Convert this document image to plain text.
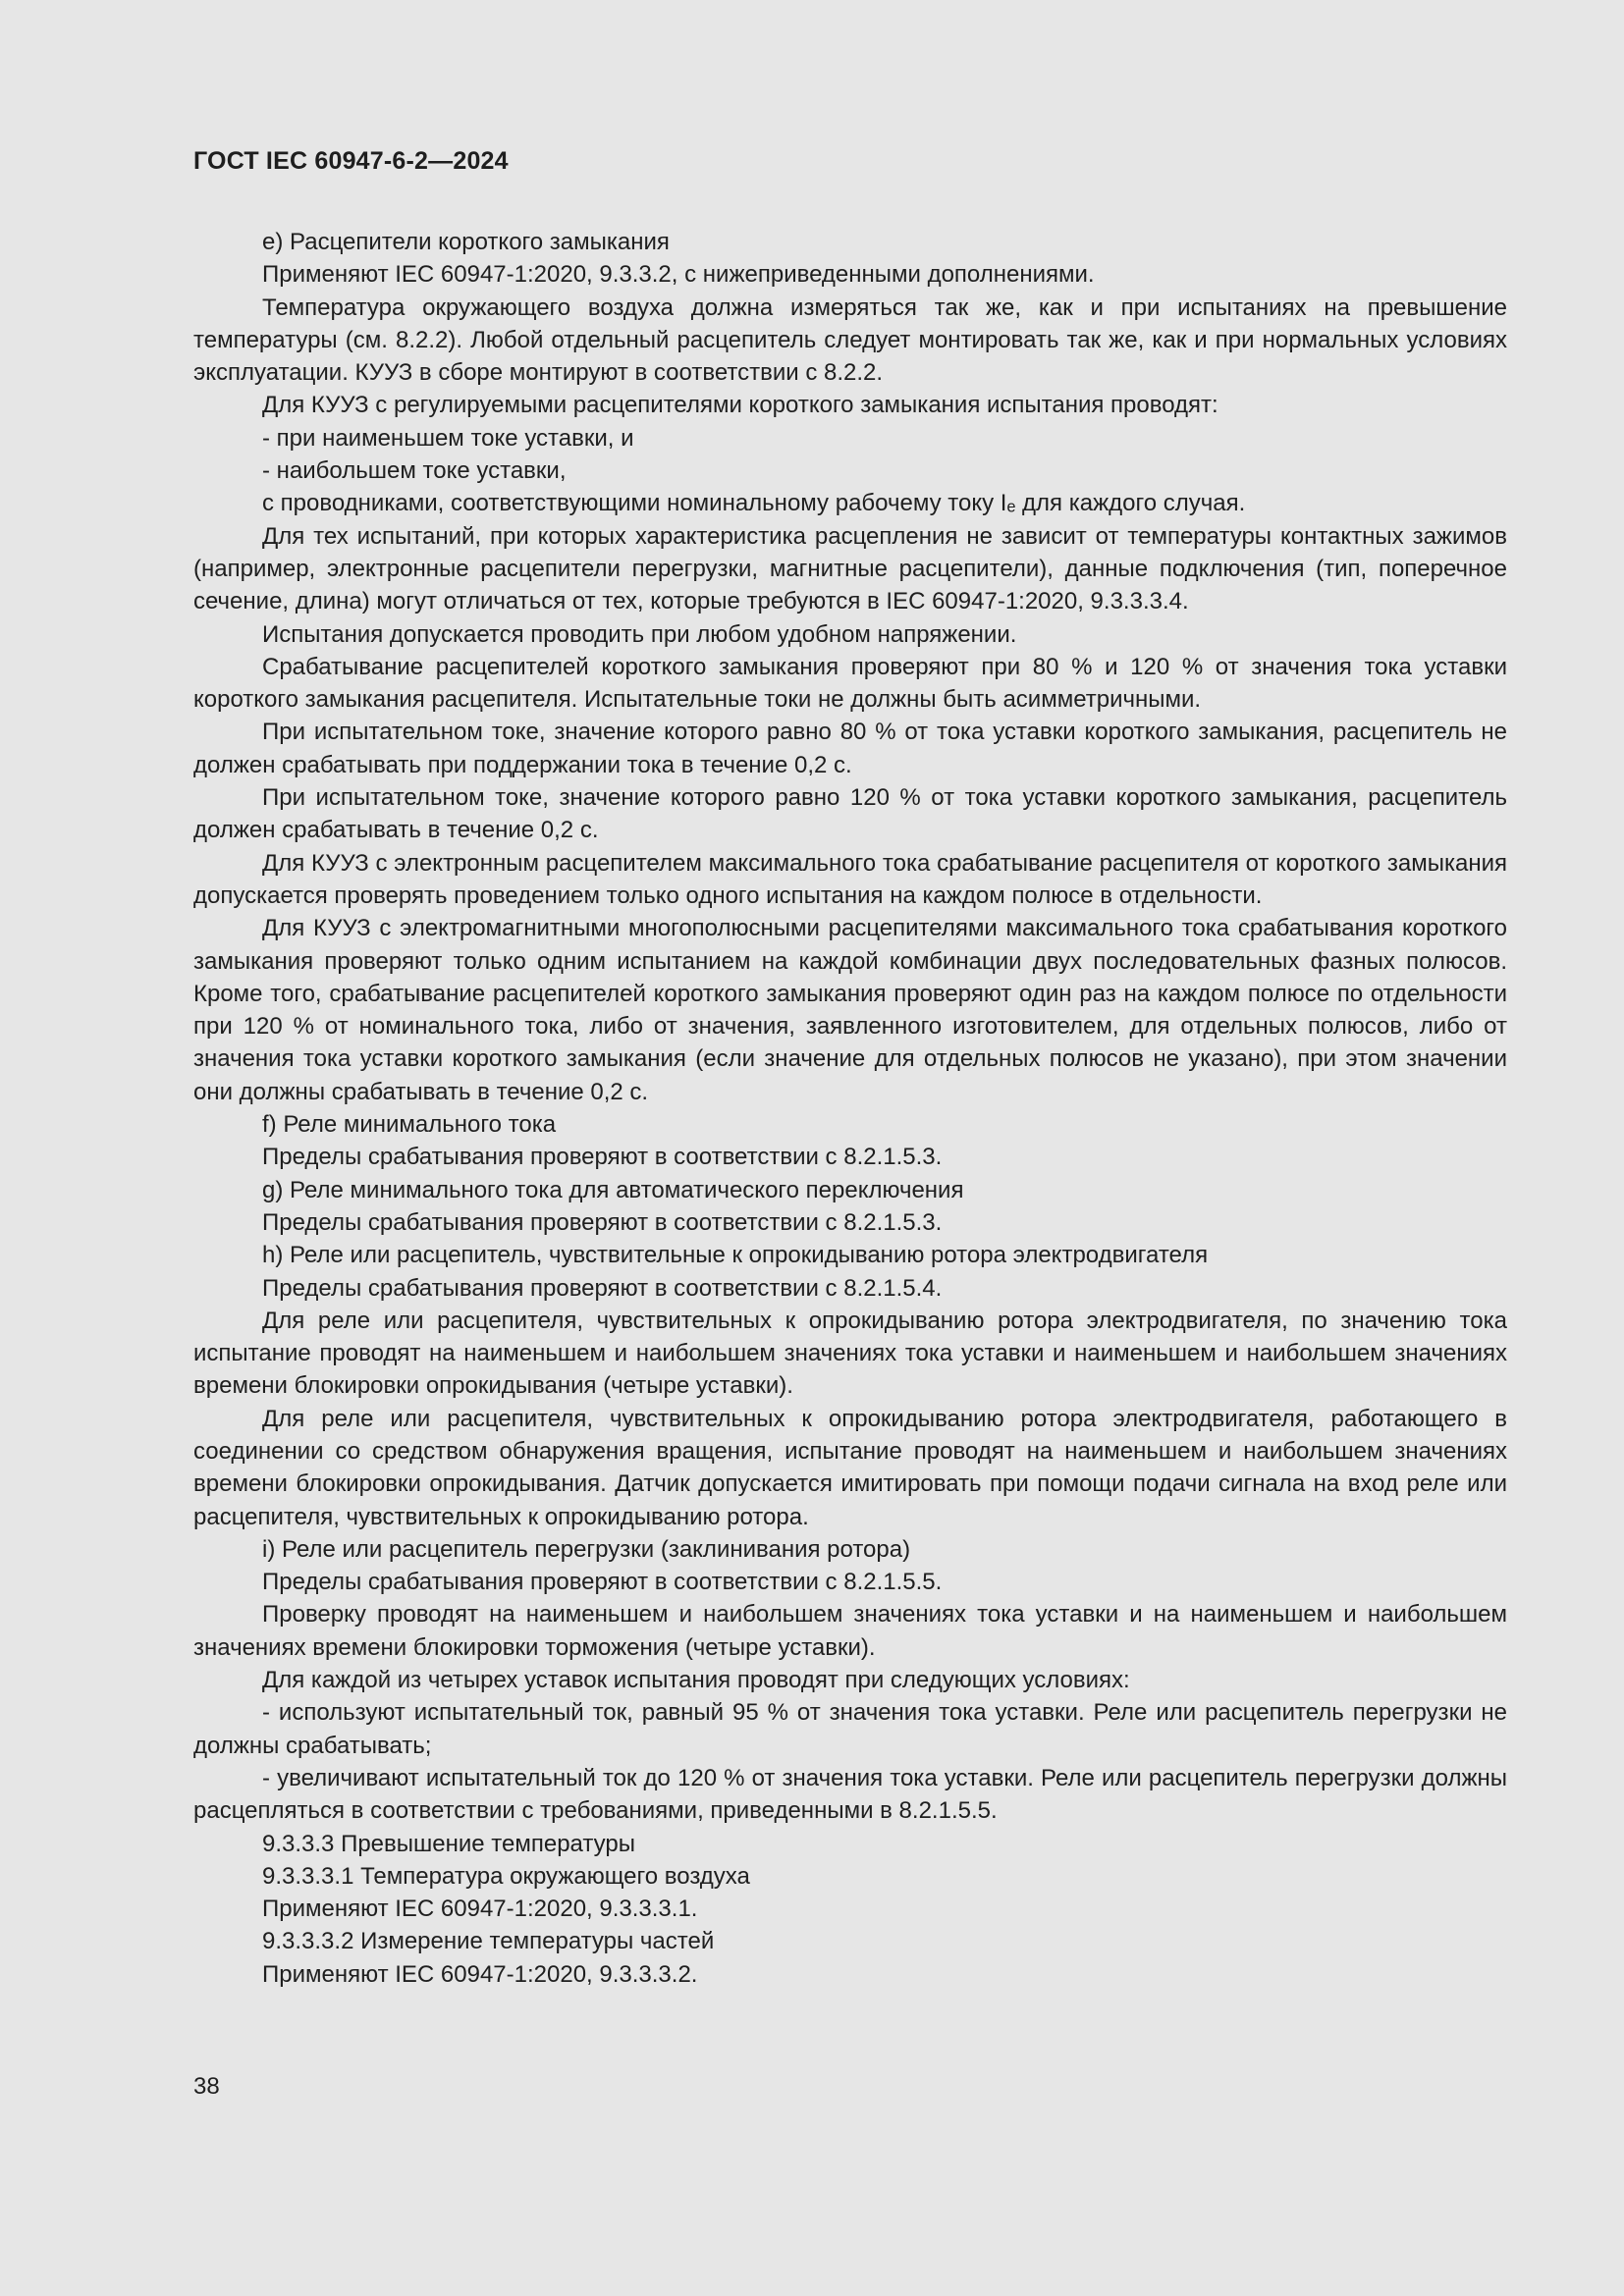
ГОСТ IEC 60947-6-2—2024

e) Расцепители короткого замыкания

Применяют IEC 60947-1:2020, 9.3.3.2, с нижеприведенными дополнениями.

Температура окружающего воздуха должна измеряться так же, как и при испытаниях на превышение температуры (см. 8.2.2). Любой отдельный расцепитель следует монтировать так же, как и при нормальных условиях эксплуатации. КУУЗ в сборе монтируют в соответствии с 8.2.2.

Для КУУЗ с регулируемыми расцепителями короткого замыкания испытания проводят:

- при наименьшем токе уставки, и

- наибольшем токе уставки,

с проводниками, соответствующими номинальному рабочему току Iₑ для каждого случая.

Для тех испытаний, при которых характеристика расцепления не зависит от температуры контактных зажимов (например, электронные расцепители перегрузки, магнитные расцепители), данные подключения (тип, поперечное сечение, длина) могут отличаться от тех, которые требуются в IEC 60947-1:2020, 9.3.3.3.4.

Испытания допускается проводить при любом удобном напряжении.

Срабатывание расцепителей короткого замыкания проверяют при 80 % и 120 % от значения тока уставки короткого замыкания расцепителя. Испытательные токи не должны быть асимметричными.

При испытательном токе, значение которого равно 80 % от тока уставки короткого замыкания, расцепитель не должен срабатывать при поддержании тока в течение 0,2 с.

При испытательном токе, значение которого равно 120 % от тока уставки короткого замыкания, расцепитель должен срабатывать в течение 0,2 с.

Для КУУЗ с электронным расцепителем максимального тока срабатывание расцепителя от короткого замыкания допускается проверять проведением только одного испытания на каждом полюсе в отдельности.

Для КУУЗ с электромагнитными многополюсными расцепителями максимального тока срабатывания короткого замыкания проверяют только одним испытанием на каждой комбинации двух последовательных фазных полюсов. Кроме того, срабатывание расцепителей короткого замыкания проверяют один раз на каждом полюсе по отдельности при 120 % от номинального тока, либо от значения, заявленного изготовителем, для отдельных полюсов, либо от значения тока уставки короткого замыкания (если значение для отдельных полюсов не указано), при этом значении они должны срабатывать в течение 0,2 с.

f) Реле минимального тока

Пределы срабатывания проверяют в соответствии с 8.2.1.5.3.

g) Реле минимального тока для автоматического переключения

Пределы срабатывания проверяют в соответствии с 8.2.1.5.3.

h) Реле или расцепитель, чувствительные к опрокидыванию ротора электродвигателя

Пределы срабатывания проверяют в соответствии с 8.2.1.5.4.

Для реле или расцепителя, чувствительных к опрокидыванию ротора электродвигателя, по значению тока испытание проводят на наименьшем и наибольшем значениях тока уставки и наименьшем и наибольшем значениях времени блокировки опрокидывания (четыре уставки).

Для реле или расцепителя, чувствительных к опрокидыванию ротора электродвигателя, работающего в соединении со средством обнаружения вращения, испытание проводят на наименьшем и наибольшем значениях времени блокировки опрокидывания. Датчик допускается имитировать при помощи подачи сигнала на вход реле или расцепителя, чувствительных к опрокидыванию ротора.

i) Реле или расцепитель перегрузки (заклинивания ротора)

Пределы срабатывания проверяют в соответствии с 8.2.1.5.5.

Проверку проводят на наименьшем и наибольшем значениях тока уставки и на наименьшем и наибольшем значениях времени блокировки торможения (четыре уставки).

Для каждой из четырех уставок испытания проводят при следующих условиях:

- используют испытательный ток, равный 95 % от значения тока уставки. Реле или расцепитель перегрузки не должны срабатывать;

- увеличивают испытательный ток до 120 % от значения тока уставки. Реле или расцепитель перегрузки должны расцепляться в соответствии с требованиями, приведенными в 8.2.1.5.5.

9.3.3.3 Превышение температуры

9.3.3.3.1 Температура окружающего воздуха

Применяют IEC 60947-1:2020, 9.3.3.3.1.

9.3.3.3.2 Измерение температуры частей

Применяют IEC 60947-1:2020, 9.3.3.3.2.

38
